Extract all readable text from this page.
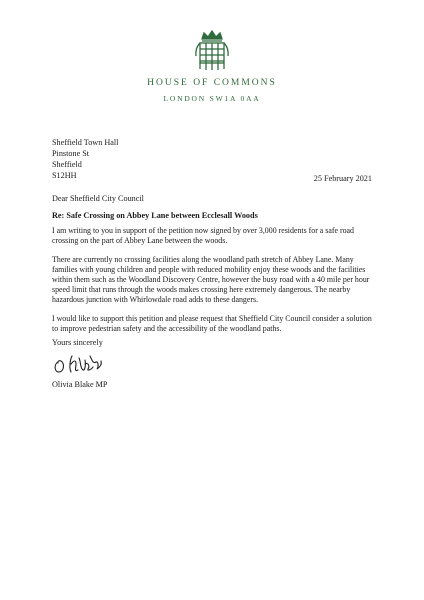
HOUSE OF COMMONS
LONDON SW1A 0AA
Sheffield Town Hall
Pinstone St
Sheffield
S12HH	25 February 2021
Dear Sheffield City Council
Re: Safe Crossing on Abbey Lane between Ecclesall Woods

I am writing to you in support of the petition now signed by over 3,000 residents for a safe road crossing on the part of Abbey Lane between the woods.

There are currently no crossing facilities along the woodland path stretch of Abbey Lane. Many families with young children and people with reduced mobility enjoy these woods and the facilities within them such as the Woodland Discovery Centre, however the busy road with a 40 mile per hour speed limit that runs through the woods makes crossing here extremely dangerous. The nearby hazardous junction with Whirlowdale road adds to these dangers.

I would like to support this petition and please request that Sheffield City Council consider a solution to improve pedestrian safety and the accessibility of the woodland paths.

Yours sincerely
Olivia Blake MP
